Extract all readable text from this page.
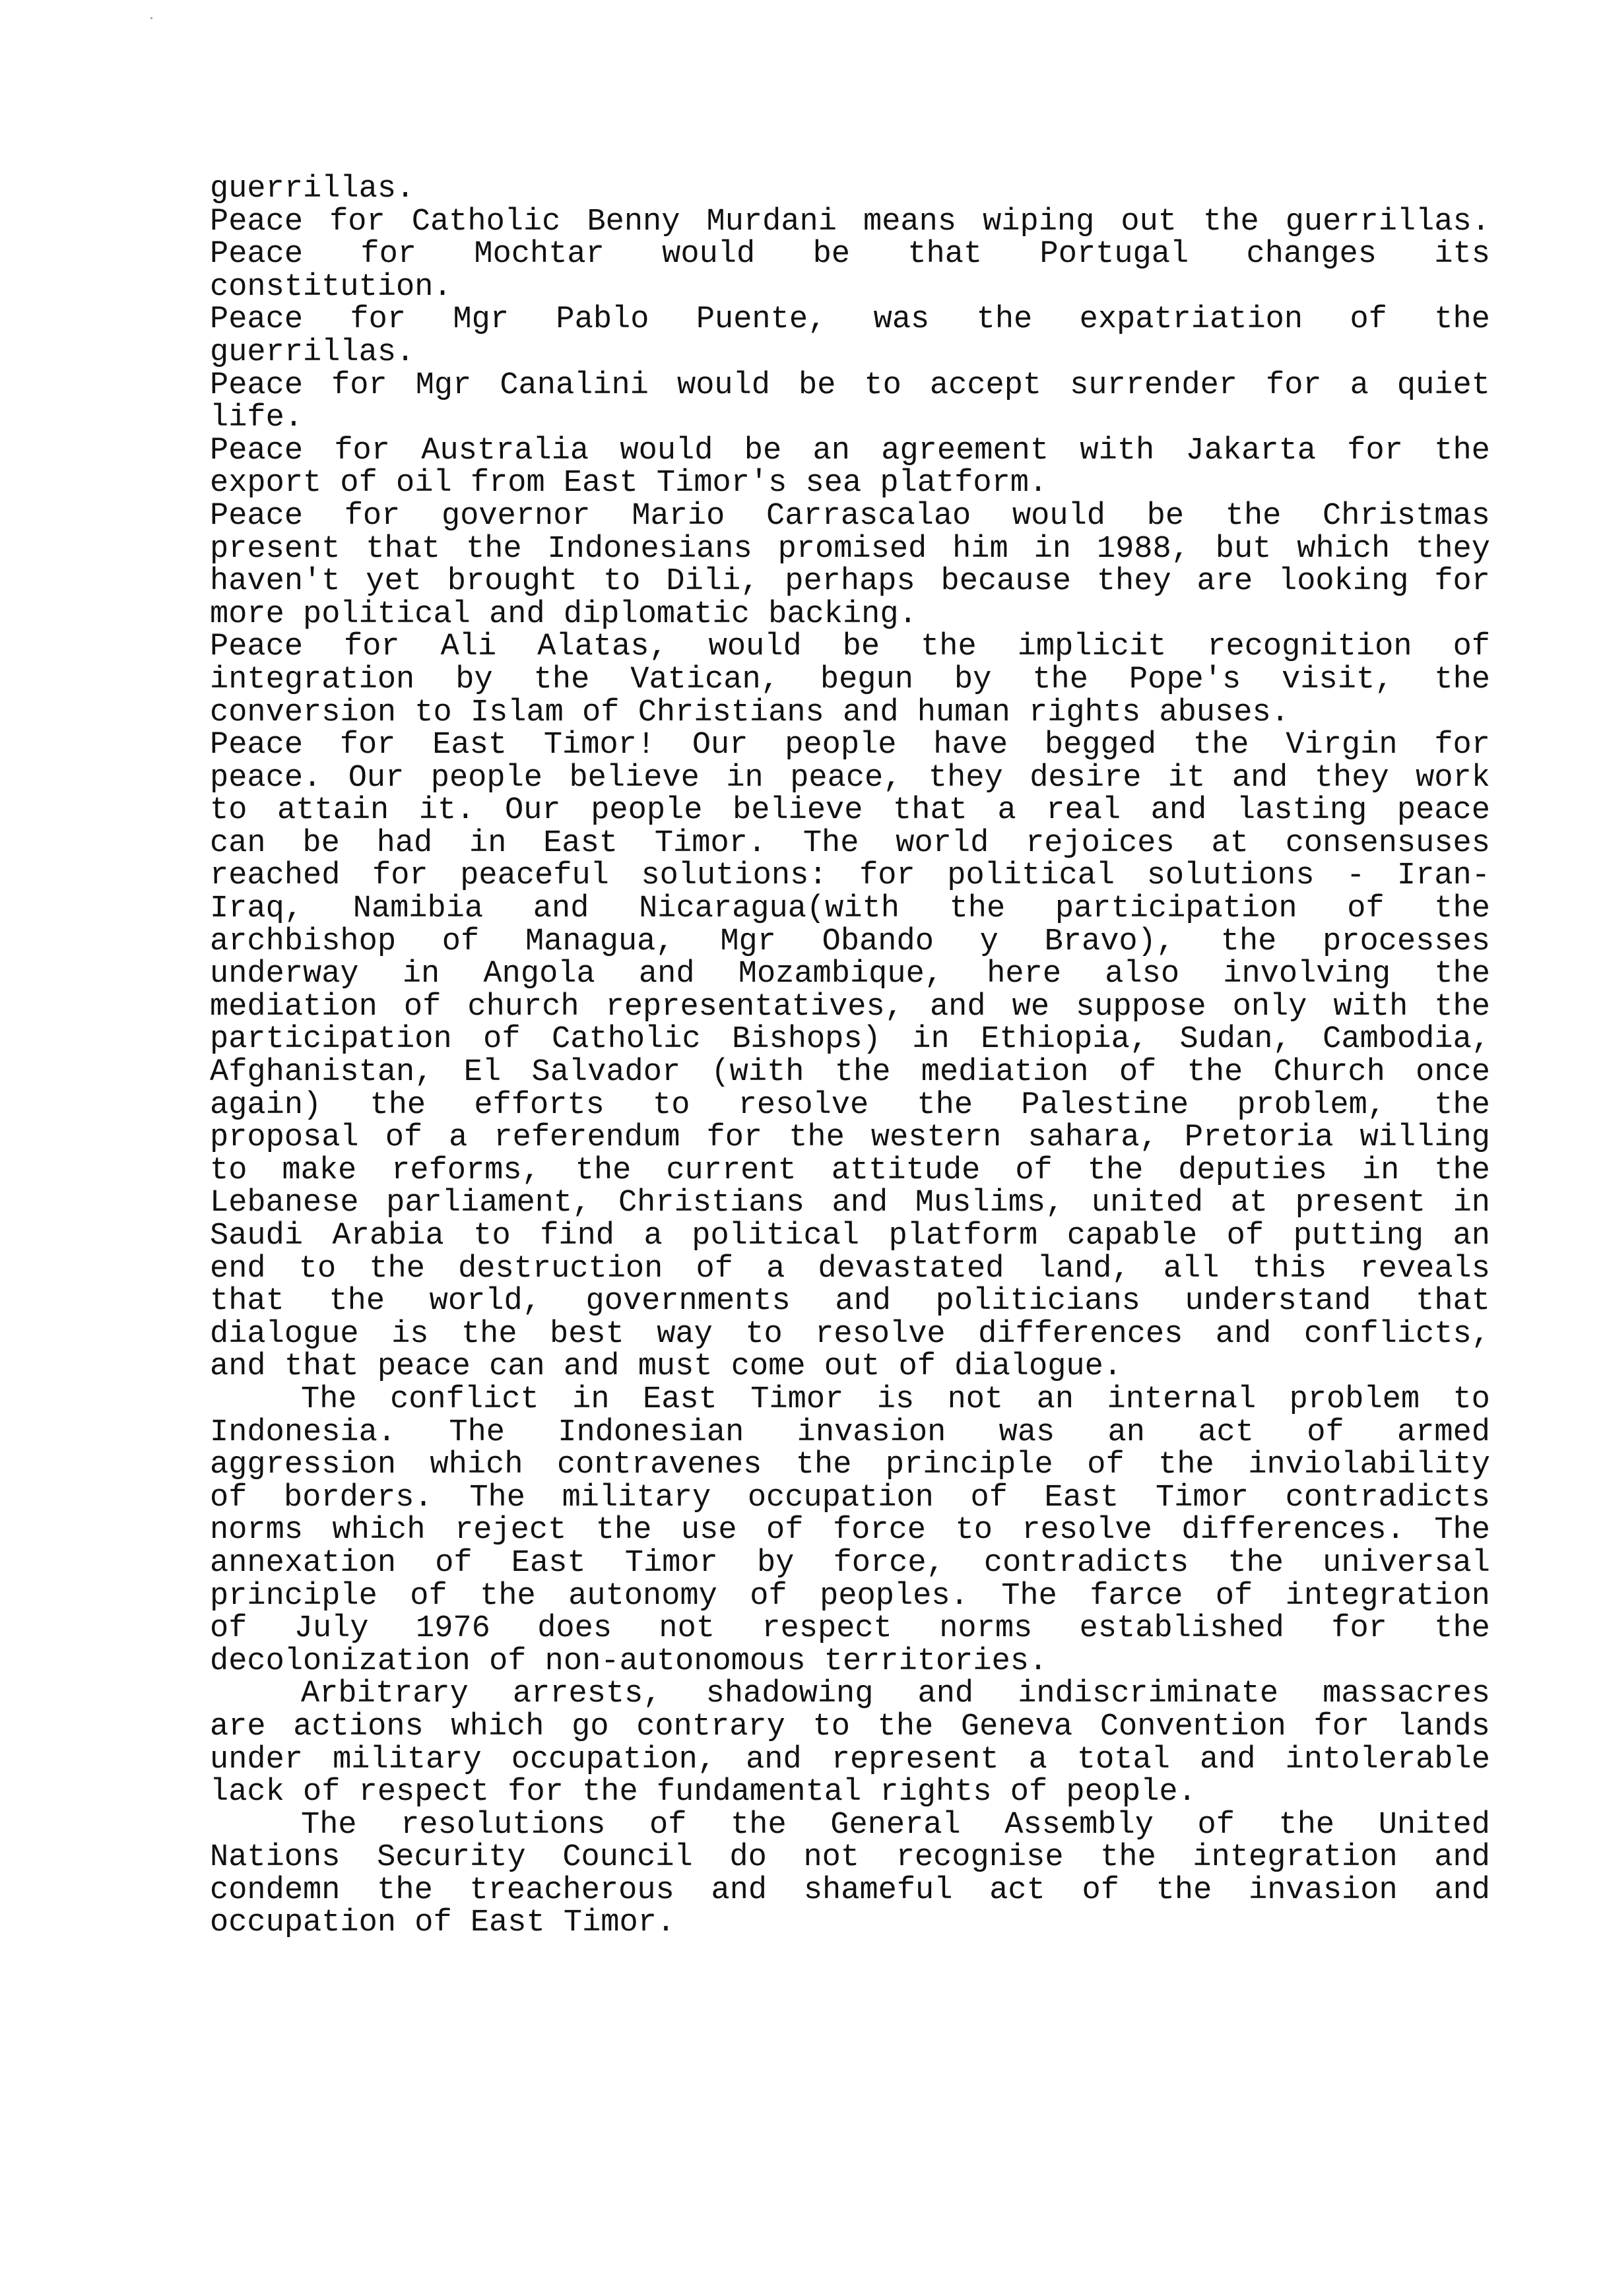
guerrillas.
Peace for Catholic Benny Murdani means wiping out the guerrillas.
Peace for Mochtar would be that Portugal changes its
constitution.
Peace for Mgr Pablo Puente, was the expatriation of the
guerrillas.
Peace for Mgr Canalini would be to accept surrender for a quiet
life.
Peace for Australia would be an agreement with Jakarta for the
export of oil from East Timor's sea platform.
Peace for governor Mario Carrascalao would be the Christmas
present that the Indonesians promised him in 1988, but which they
haven't yet brought to Dili, perhaps because they are looking for
more political and diplomatic backing.
Peace for Ali Alatas, would be the implicit recognition of
integration by the Vatican, begun by the Pope's visit, the
conversion to Islam of Christians and human rights abuses.
Peace for East Timor! Our people have begged the Virgin for
peace. Our people believe in peace, they desire it and they work
to attain it. Our people believe that a real and lasting peace
can be had in East Timor. The world rejoices at consensuses
reached for peaceful solutions: for political solutions - Iran-
Iraq, Namibia and Nicaragua(with the participation of the
archbishop of Managua, Mgr Obando y Bravo), the processes
underway in Angola and Mozambique, here also involving the
mediation of church representatives, and we suppose only with the
participation of Catholic Bishops) in Ethiopia, Sudan, Cambodia,
Afghanistan, El Salvador (with the mediation of the Church once
again) the efforts to resolve the Palestine problem, the
proposal of a referendum for the western sahara, Pretoria willing
to make reforms, the current attitude of the deputies in the
Lebanese parliament, Christians and Muslims, united at present in
Saudi Arabia to find a political platform capable of putting an
end to the destruction of a devastated land, all this reveals
that the world, governments and politicians understand that
dialogue is the best way to resolve differences and conflicts,
and that peace can and must come out of dialogue.
The conflict in East Timor is not an internal problem to
Indonesia. The Indonesian invasion was an act of armed
aggression which contravenes the principle of the inviolability
of borders. The military occupation of East Timor contradicts
norms which reject the use of force to resolve differences. The
annexation of East Timor by force, contradicts the universal
principle of the autonomy of peoples. The farce of integration
of July 1976 does not respect norms established for the
decolonization of non-autonomous territories.
Arbitrary arrests, shadowing and indiscriminate massacres
are actions which go contrary to the Geneva Convention for lands
under military occupation, and represent a total and intolerable
lack of respect for the fundamental rights of people.
The resolutions of the General Assembly of the United
Nations Security Council do not recognise the integration and
condemn the treacherous and shameful act of the invasion and
occupation of East Timor.
